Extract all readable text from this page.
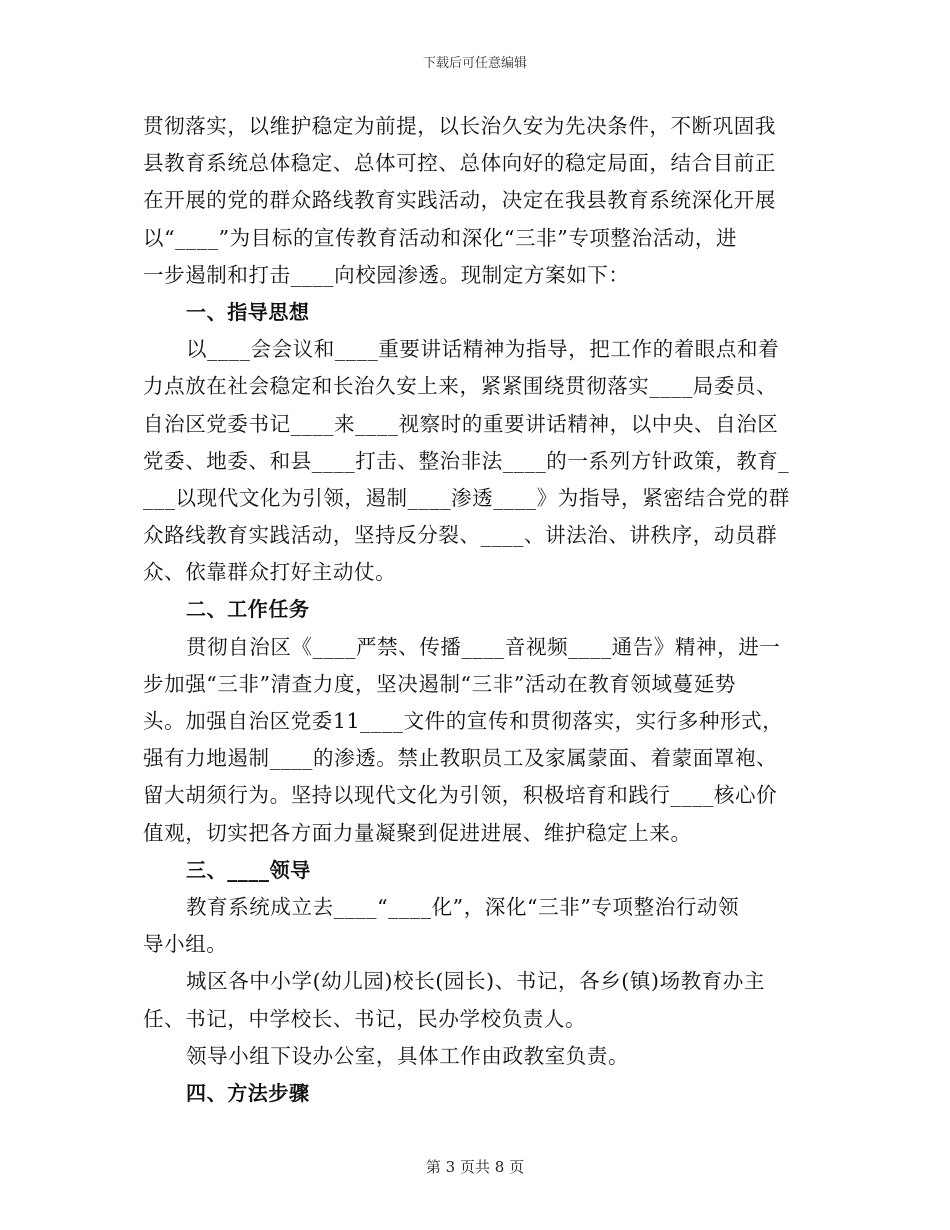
下载后可任意编辑
贯彻落实，以维护稳定为前提，以长治久安为先决条件，不断巩固我
县教育系统总体稳定、总体可控、总体向好的稳定局面，结合目前正
在开展的党的群众路线教育实践活动，决定在我县教育系统深化开展
以“____”为目标的宣传教育活动和深化“三非”专项整治活动，进
一步遏制和打击____向校园渗透。现制定方案如下：
一、指导思想
以____会会议和____重要讲话精神为指导，把工作的着眼点和着
力点放在社会稳定和长治久安上来，紧紧围绕贯彻落实____局委员、
自治区党委书记____来____视察时的重要讲话精神，以中央、自治区
党委、地委、和县____打击、整治非法____的一系列方针政策，教育_
___以现代文化为引领，遏制____渗透____》为指导，紧密结合党的群
众路线教育实践活动，坚持反分裂、____、讲法治、讲秩序，动员群
众、依靠群众打好主动仗。
二、工作任务
贯彻自治区《____严禁、传播____音视频____通告》精神，进一
步加强“三非”清查力度，坚决遏制“三非”活动在教育领域蔓延势
头。加强自治区党委11____文件的宣传和贯彻落实，实行多种形式，
强有力地遏制____的渗透。禁止教职员工及家属蒙面、着蒙面罩袍、
留大胡须行为。坚持以现代文化为引领，积极培育和践行____核心价
值观，切实把各方面力量凝聚到促进进展、维护稳定上来。
三、____领导
教育系统成立去____“____化”，深化“三非”专项整治行动领
导小组。
城区各中小学(幼儿园)校长(园长)、书记，各乡(镇)场教育办主
任、书记，中学校长、书记，民办学校负责人。
领导小组下设办公室，具体工作由政教室负责。
四、方法步骤
第 3 页共 8 页
